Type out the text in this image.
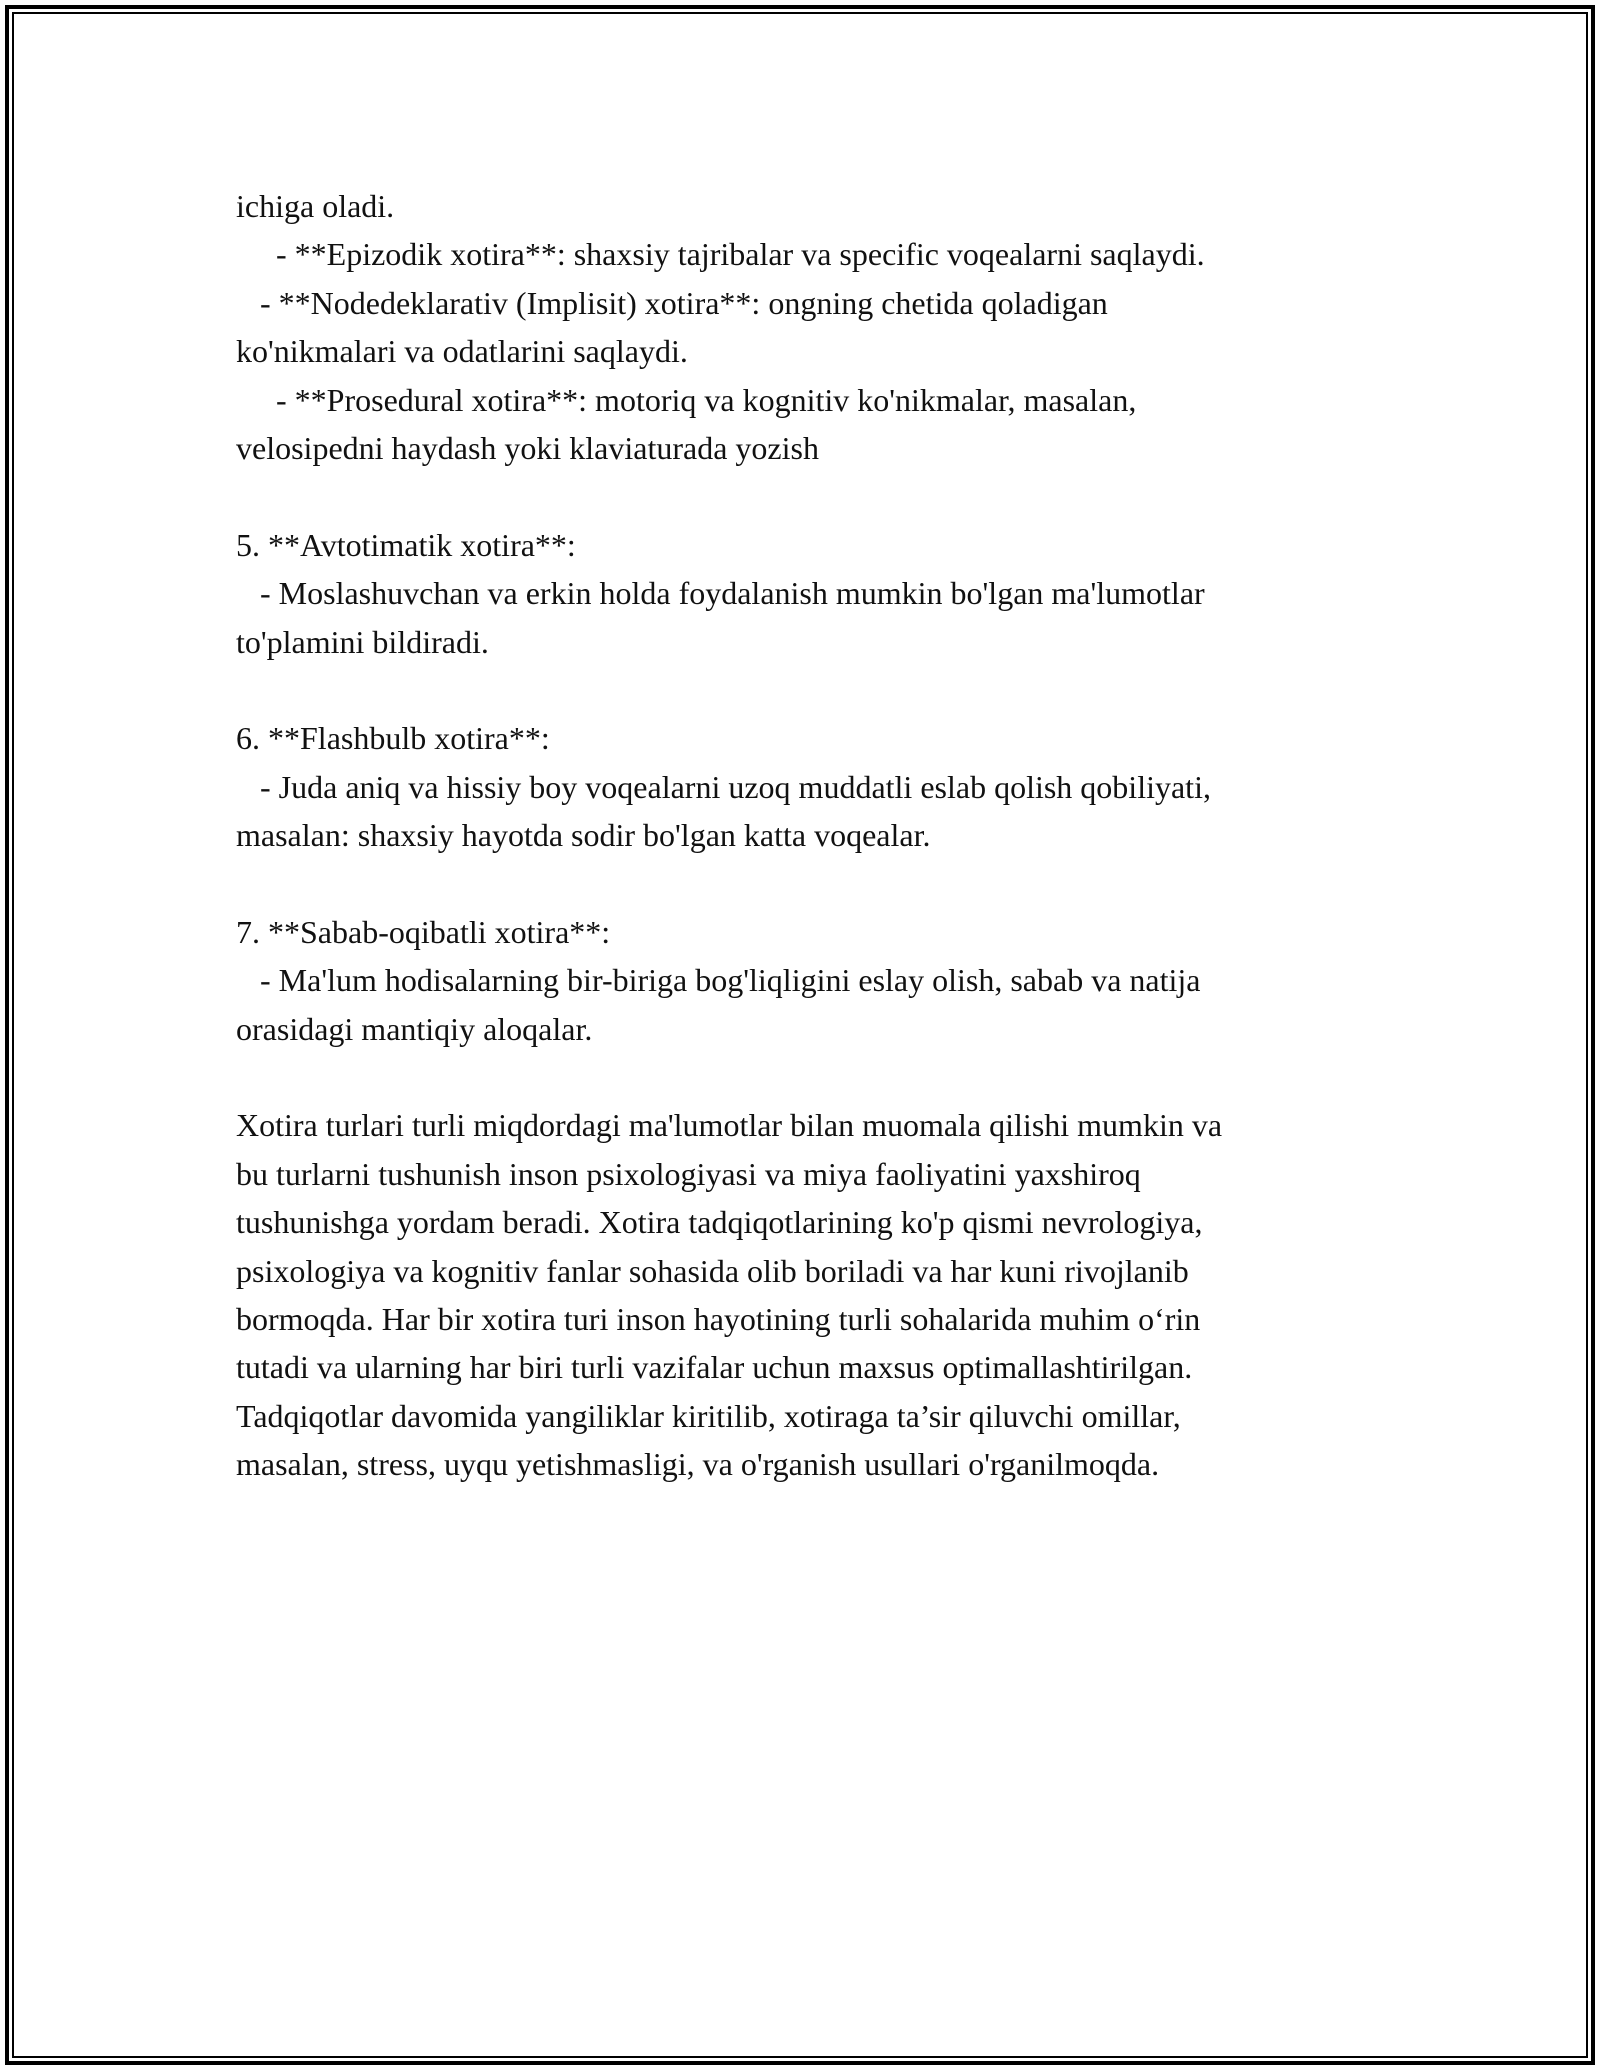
ichiga oladi.
- **Epizodik xotira**: shaxsiy tajribalar va specific voqealarni saqlaydi.
- **Nodedeklarativ (Implisit) xotira**: ongning chetida qoladigan
ko'nikmalari va odatlarini saqlaydi.
- **Prosedural xotira**: motoriq va kognitiv ko'nikmalar, masalan,
velosipedni haydash yoki klaviaturada yozish
5. **Avtotimatik xotira**:
- Moslashuvchan va erkin holda foydalanish mumkin bo'lgan ma'lumotlar
to'plamini bildiradi.
6. **Flashbulb xotira**:
- Juda aniq va hissiy boy voqealarni uzoq muddatli eslab qolish qobiliyati,
masalan: shaxsiy hayotda sodir bo'lgan katta voqealar.
7. **Sabab-oqibatli xotira**:
- Ma'lum hodisalarning bir-biriga bog'liqligini eslay olish, sabab va natija
orasidagi mantiqiy aloqalar.
Xotira turlari turli miqdordagi ma'lumotlar bilan muomala qilishi mumkin va
bu turlarni tushunish inson psixologiyasi va miya faoliyatini yaxshiroq
tushunishga yordam beradi. Xotira tadqiqotlarining ko'p qismi nevrologiya,
psixologiya va kognitiv fanlar sohasida olib boriladi va har kuni rivojlanib
bormoqda. Har bir xotira turi inson hayotining turli sohalarida muhim o‘rin
tutadi va ularning har biri turli vazifalar uchun maxsus optimallashtirilgan.
Tadqiqotlar davomida yangiliklar kiritilib, xotiraga ta’sir qiluvchi omillar,
masalan, stress, uyqu yetishmasligi, va o'rganish usullari o'rganilmoqda.
